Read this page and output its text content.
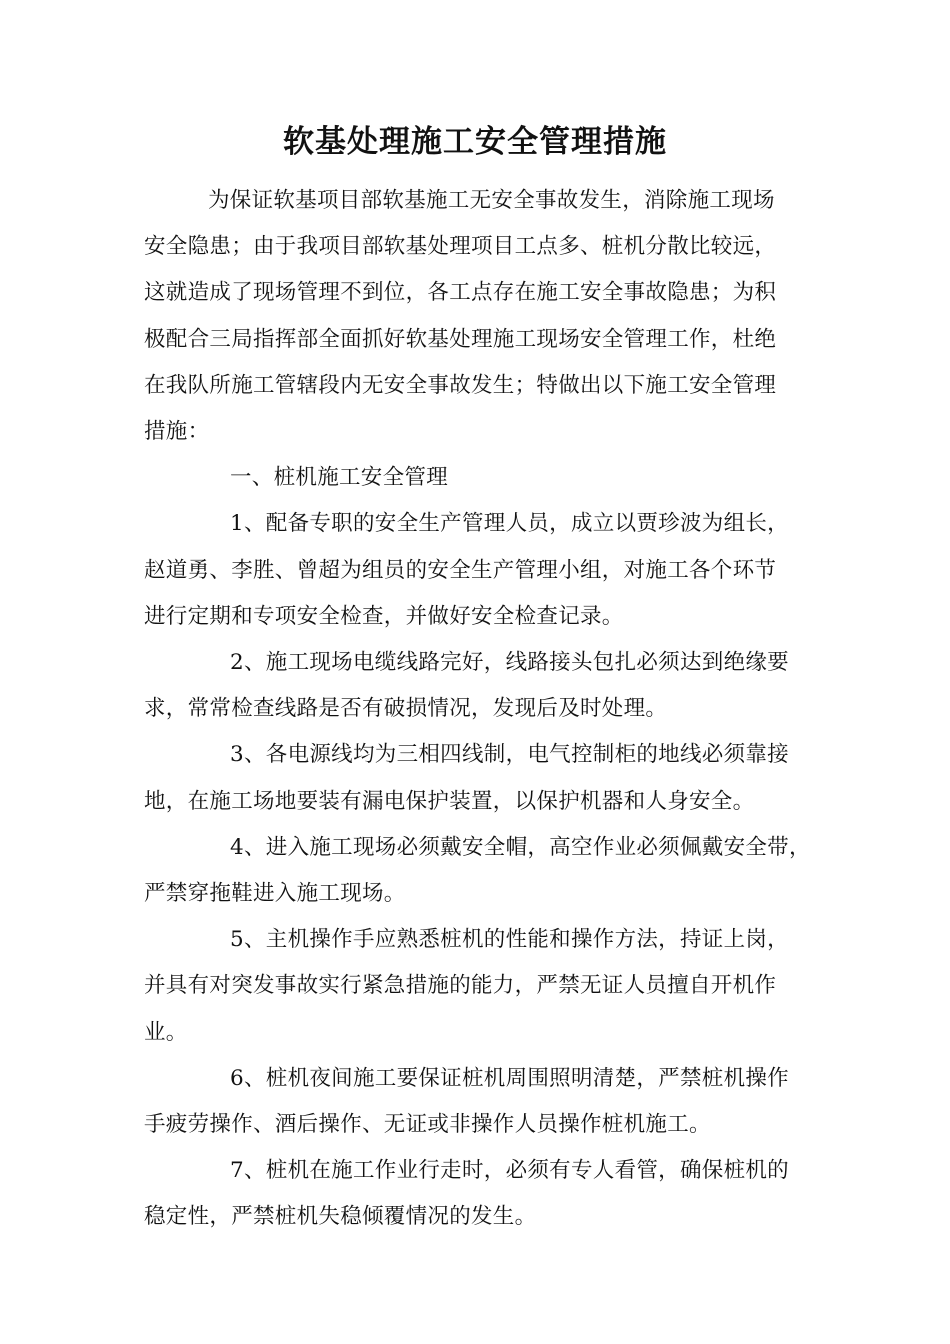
软基处理施工安全管理措施

为保证软基项目部软基施工无安全事故发生，消除施工现场
安全隐患；由于我项目部软基处理项目工点多、桩机分散比较远，
这就造成了现场管理不到位，各工点存在施工安全事故隐患；为积
极配合三局指挥部全面抓好软基处理施工现场安全管理工作，杜绝
在我队所施工管辖段内无安全事故发生；特做出以下施工安全管理
措施：

一、桩机施工安全管理

1、配备专职的安全生产管理人员，成立以贾珍波为组长，
赵道勇、李胜、曾超为组员的安全生产管理小组，对施工各个环节
进行定期和专项安全检查，并做好安全检查记录。

2、施工现场电缆线路完好，线路接头包扎必须达到绝缘要
求，常常检查线路是否有破损情况，发现后及时处理。

3、各电源线均为三相四线制，电气控制柜的地线必须靠接
地，在施工场地要装有漏电保护装置，以保护机器和人身安全。

4、进入施工现场必须戴安全帽，高空作业必须佩戴安全带，
严禁穿拖鞋进入施工现场。

5、主机操作手应熟悉桩机的性能和操作方法，持证上岗，
并具有对突发事故实行紧急措施的能力，严禁无证人员擅自开机作
业。

6、桩机夜间施工要保证桩机周围照明清楚，严禁桩机操作
手疲劳操作、酒后操作、无证或非操作人员操作桩机施工。

7、桩机在施工作业行走时，必须有专人看管，确保桩机的
稳定性，严禁桩机失稳倾覆情况的发生。
